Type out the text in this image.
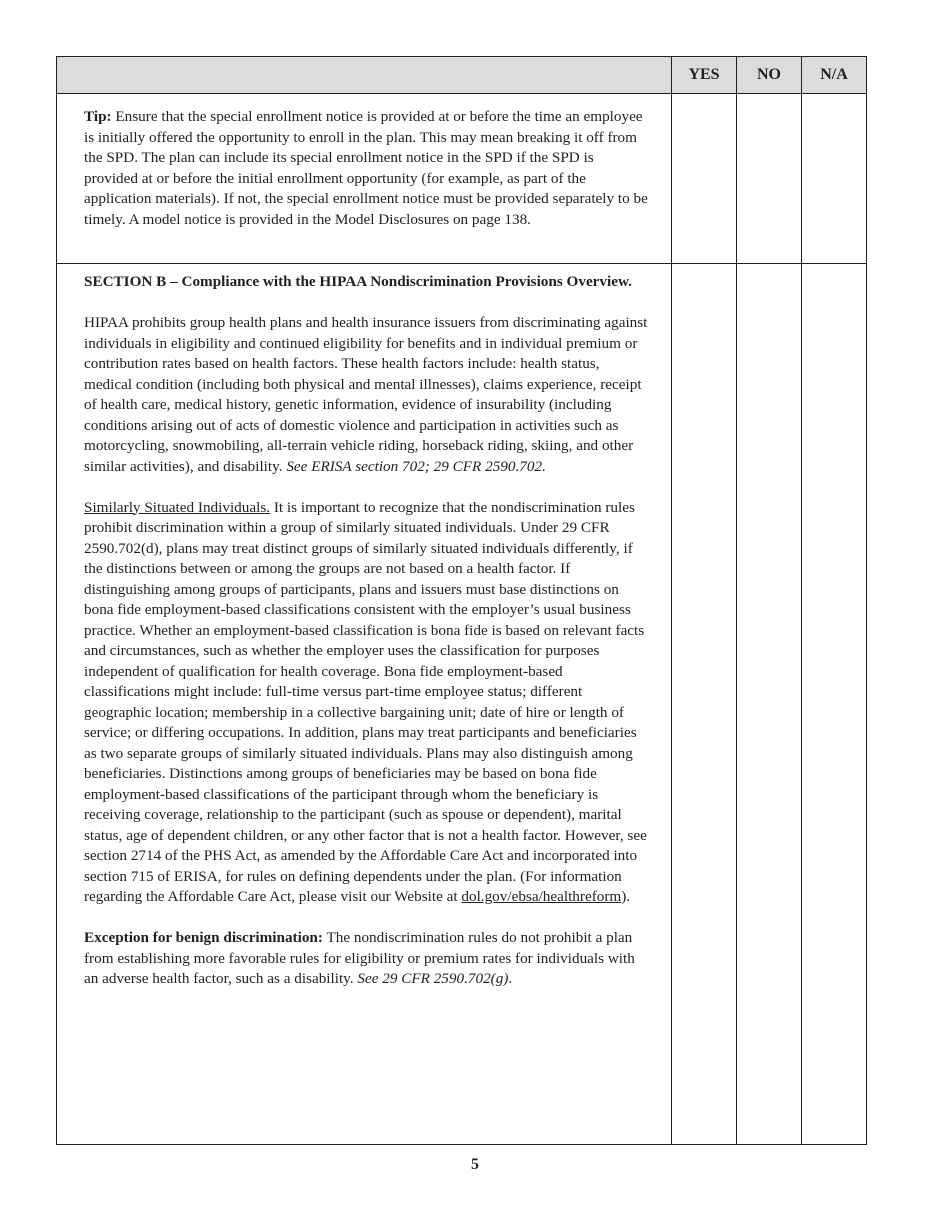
	YES	NO	N/A

Tip: Ensure that the special enrollment notice is provided at or before the time an employee is initially offered the opportunity to enroll in the plan. This may mean breaking it off from the SPD. The plan can include its special enrollment notice in the SPD if the SPD is provided at or before the initial enrollment opportunity (for example, as part of the application materials). If not, the special enrollment notice must be provided separately to be timely. A model notice is provided in the Model Disclosures on page 138.			

SECTION B – Compliance with the HIPAA Nondiscrimination Provisions Overview.

HIPAA prohibits group health plans and health insurance issuers from discriminating against individuals in eligibility and continued eligibility for benefits and in individual premium or contribution rates based on health factors. These health factors include: health status, medical condition (including both physical and mental illnesses), claims experience, receipt of health care, medical history, genetic information, evidence of insurability (including conditions arising out of acts of domestic violence and participation in activities such as motorcycling, snowmobiling, all-terrain vehicle riding, horseback riding, skiing, and other similar activities), and disability. See ERISA section 702; 29 CFR 2590.702.

Similarly Situated Individuals. It is important to recognize that the nondiscrimination rules prohibit discrimination within a group of similarly situated individuals. Under 29 CFR 2590.702(d), plans may treat distinct groups of similarly situated individuals differently, if the distinctions between or among the groups are not based on a health factor. If distinguishing among groups of participants, plans and issuers must base distinctions on bona fide employment-based classifications consistent with the employer’s usual business practice. Whether an employment-based classification is bona fide is based on relevant facts and circumstances, such as whether the employer uses the classification for purposes independent of qualification for health coverage. Bona fide employment-based classifications might include: full-time versus part-time employee status; different geographic location; membership in a collective bargaining unit; date of hire or length of service; or differing occupations. In addition, plans may treat participants and beneficiaries as two separate groups of similarly situated individuals. Plans may also distinguish among beneficiaries. Distinctions among groups of beneficiaries may be based on bona fide employment-based classifications of the participant through whom the beneficiary is receiving coverage, relationship to the participant (such as spouse or dependent), marital status, age of dependent children, or any other factor that is not a health factor. However, see section 2714 of the PHS Act, as amended by the Affordable Care Act and incorporated into section 715 of ERISA, for rules on defining dependents under the plan. (For information regarding the Affordable Care Act, please visit our Website at dol.gov/ebsa/healthreform).

Exception for benign discrimination: The nondiscrimination rules do not prohibit a plan from establishing more favorable rules for eligibility or premium rates for individuals with an adverse health factor, such as a disability. See 29 CFR 2590.702(g).			

5
